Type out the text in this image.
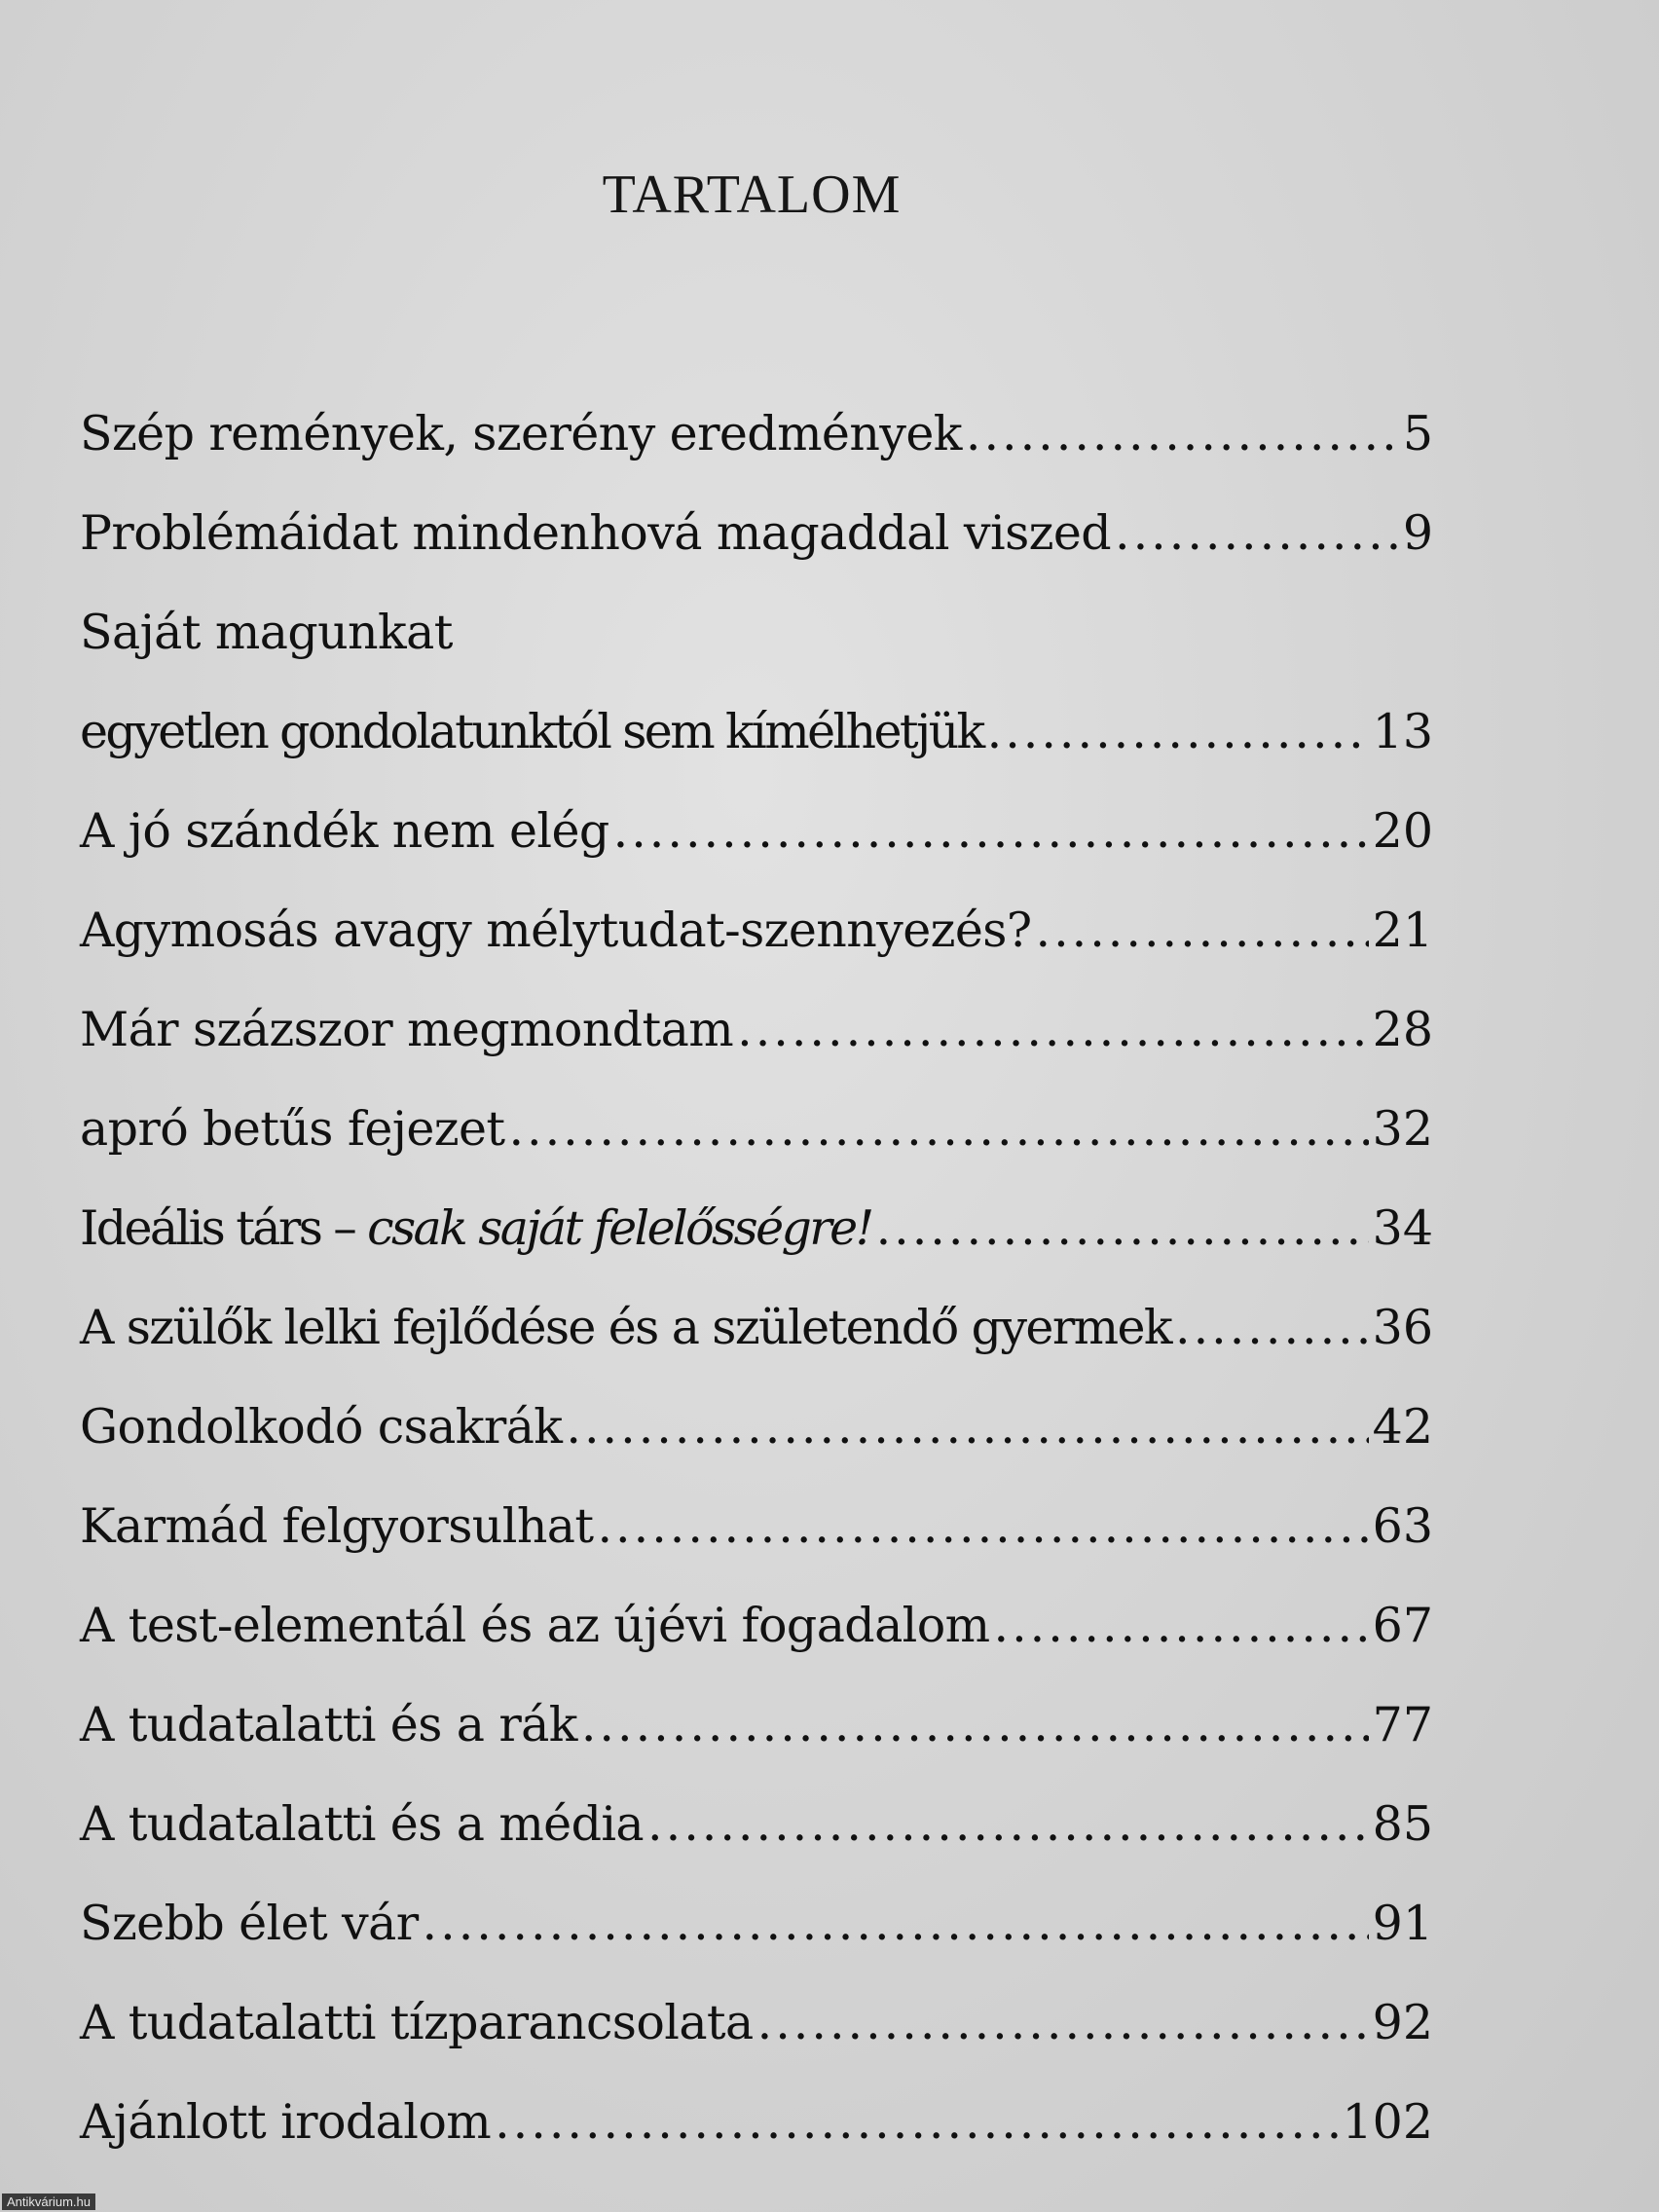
TARTALOM
Szép remények, szerény eredmények .....	5
Problémáidat mindenhová magaddal viszed .....	9
Saját magunkat
egyetlen gondolatunktól sem kímélhetjük .....	13
A jó szándék nem elég .....	20
Agymosás avagy mélytudat-szennyezés? .....	21
Már százszor megmondtam .....	28
apró betűs fejezet .....	32
Ideális társ – csak saját felelősségre! .....	34
A szülők lelki fejlődése és a születendő gyermek .....	36
Gondolkodó csakrák .....	42
Karmád felgyorsulhat .....	63
A test-elementál és az újévi fogadalom .....	67
A tudatalatti és a rák .....	77
A tudatalatti és a média .....	85
Szebb élet vár .....	91
A tudatalatti tízparancsolata .....	92
Ajánlott irodalom .....	102
Antikvárium.hu
